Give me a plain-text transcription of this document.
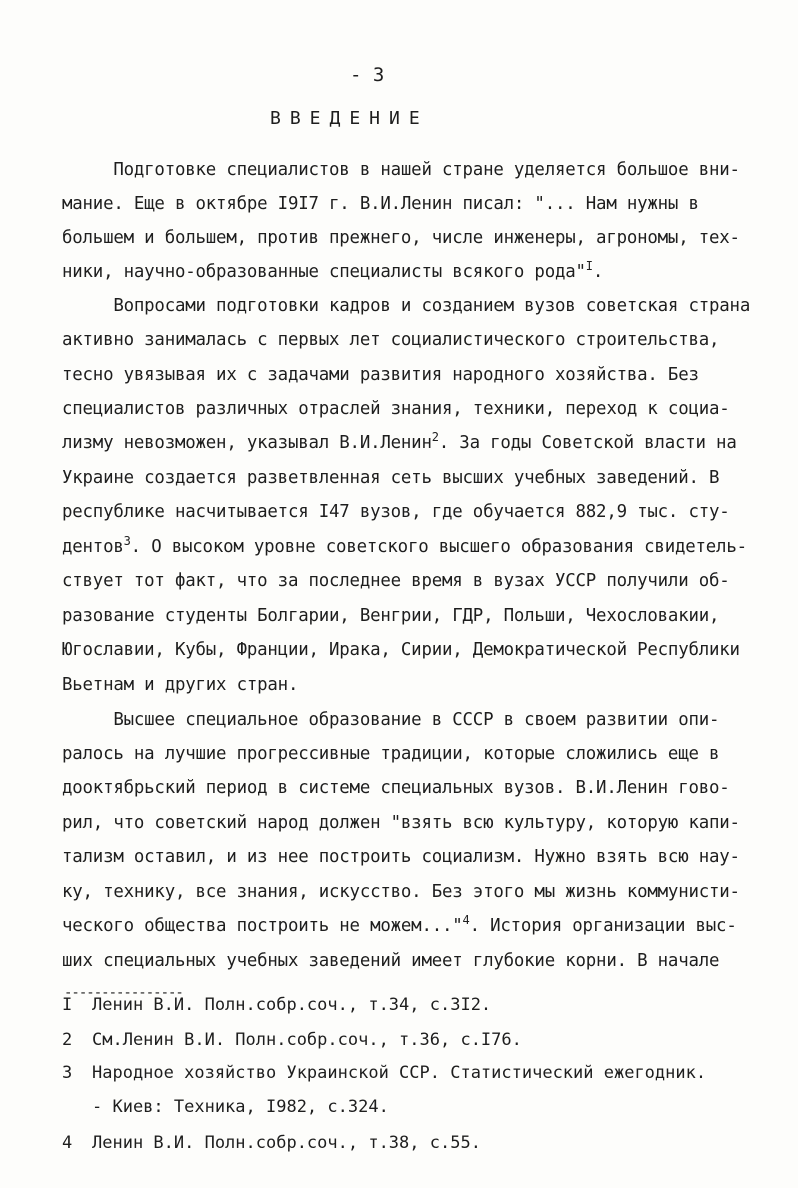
- 3
ВВЕДЕНИЕ
Подготовке специалистов в нашей стране уделяется большое вни-
мание. Еще в октябре I9I7 г. В.И.Ленин писал: "... Нам нужны в
большем и большем, против прежнего, числе инженеры, агрономы, тех-
ники, научно-образованные специалисты всякого рода"$^I$.
Вопросами подготовки кадров и созданием вузов советская страна
активно занималась с первых лет социалистического строительства,
тесно увязывая их с задачами развития народного хозяйства. Без
специалистов различных отраслей знания, техники, переход к социа-
лизму невозможен, указывал В.И.Ленин$^2$. За годы Советской власти на
Украине создается разветвленная сеть высших учебных заведений. В
республике насчитывается I47 вузов, где обучается 882,9 тыс. сту-
дентов$^3$. О высоком уровне советского высшего образования свидетель-
ствует тот факт, что за последнее время в вузах УССР получили об-
разование студенты Болгарии, Венгрии, ГДР, Польши, Чехословакии,
Югославии, Кубы, Франции, Ирака, Сирии, Демократической Республики
Вьетнам и других стран.
Высшее специальное образование в СССР в своем развитии опи-
ралось на лучшие прогрессивные традиции, которые сложились еще в
дооктябрьский период в системе специальных вузов. В.И.Ленин гово-
рил, что советский народ должен "взять всю культуру, которую капи-
тализм оставил, и из нее построить социализм. Нужно взять всю нау-
ку, технику, все знания, искусство. Без этого мы жизнь коммунисти-
ческого общества построить не можем..."$^4$. История организации выс-
ших специальных учебных заведений имеет глубокие корни. В начале
----------------
I Ленин В.И. Полн.собр.соч., т.34, с.3I2.
2 См.Ленин В.И. Полн.собр.соч., т.36, с.I76.
3 Народное хозяйство Украинской ССР. Статистический ежегодник.
- Киев: Техника, I982, с.324.
4 Ленин В.И. Полн.собр.соч., т.38, с.55.
